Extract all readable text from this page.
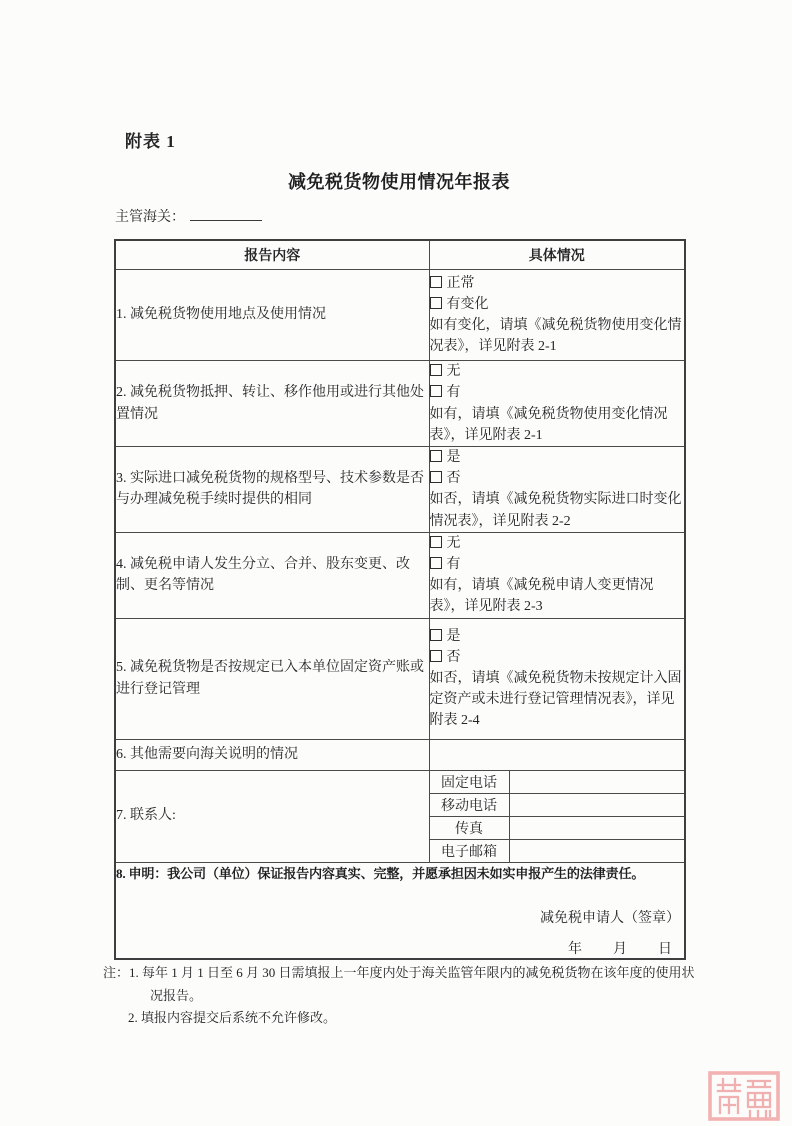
附表 1
减免税货物使用情况年报表
主管海关：
报告内容	具体情况	
1. 减免税货物使用地点及使用情况	正常
有变化
如有变化，请填《减免税货物使用变化情况表》，详见附表 2-1	

2. 减免税货物抵押、转让、移作他用或进行其他处置情况	无
有
如有，请填《减免税货物使用变化情况表》，详见附表 2-1	

3. 实际进口减免税货物的规格型号、技术参数是否与办理减免税手续时提供的相同	是
否
如否，请填《减免税货物实际进口时变化情况表》，详见附表 2-2	

4. 减免税申请人发生分立、合并、股东变更、改制、更名等情况	无
有
如有，请填《减免税申请人变更情况表》，详见附表 2-3	

5. 减免税货物是否按规定已入本单位固定资产账或进行登记管理	是
否
如否，请填《减免税货物未按规定计入固定资产或未进行登记管理情况表》，详见附表 2-4	

6. 其他需要向海关说明的情况		
7. 联系人:	固定电话	
	移动电话	
	传真	
	电子邮箱	

8. 申明：我公司（单位）保证报告内容真实、完整，并愿承担因未如实申报产生的法律责任。
减免税申请人（签章）
年 月 日		
注：1. 每年 1 月 1 日至 6 月 30 日需填报上一年度内处于海关监管年限内的减免税货物在该年度的使用状况报告。
2. 填报内容提交后系统不允许修改。
